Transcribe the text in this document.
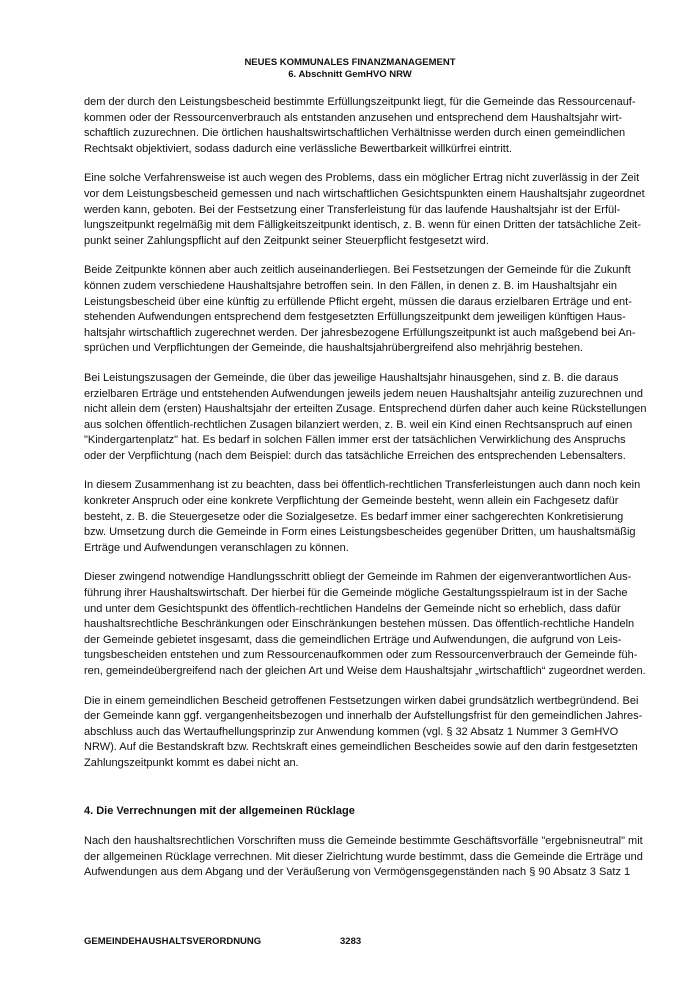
NEUES KOMMUNALES FINANZMANAGEMENT
6. Abschnitt GemHVO NRW
dem der durch den Leistungsbescheid bestimmte Erfüllungszeitpunkt liegt, für die Gemeinde das Ressourcenauf-
kommen oder der Ressourcenverbrauch als entstanden anzusehen und entsprechend dem Haushaltsjahr wirt-
schaftlich zuzurechnen. Die örtlichen haushaltswirtschaftlichen Verhältnisse werden durch einen gemeindlichen
Rechtsakt objektiviert, sodass dadurch eine verlässliche Bewertbarkeit willkürfrei eintritt.
Eine solche Verfahrensweise ist auch wegen des Problems, dass ein möglicher Ertrag nicht zuverlässig in der Zeit
vor dem Leistungsbescheid gemessen und nach wirtschaftlichen Gesichtspunkten einem Haushaltsjahr zugeordnet
werden kann, geboten. Bei der Festsetzung einer Transferleistung für das laufende Haushaltsjahr ist der Erfül-
lungszeitpunkt regelmäßig mit dem Fälligkeitszeitpunkt identisch, z. B. wenn für einen Dritten der tatsächliche Zeit-
punkt seiner Zahlungspflicht auf den Zeitpunkt seiner Steuerpflicht festgesetzt wird.
Beide Zeitpunkte können aber auch zeitlich auseinanderliegen. Bei Festsetzungen der Gemeinde für die Zukunft
können zudem verschiedene Haushaltsjahre betroffen sein. In den Fällen, in denen z. B. im Haushaltsjahr ein
Leistungsbescheid über eine künftig zu erfüllende Pflicht ergeht, müssen die daraus erzielbaren Erträge und ent-
stehenden Aufwendungen entsprechend dem festgesetzten Erfüllungszeitpunkt dem jeweiligen künftigen Haus-
haltsjahr wirtschaftlich zugerechnet werden. Der jahresbezogene Erfüllungszeitpunkt ist auch maßgebend bei An-
sprüchen und Verpflichtungen der Gemeinde, die haushaltsjahrübergreifend also mehrjährig bestehen.
Bei Leistungszusagen der Gemeinde, die über das jeweilige Haushaltsjahr hinausgehen, sind z. B. die daraus
erzielbaren Erträge und entstehenden Aufwendungen jeweils jedem neuen Haushaltsjahr anteilig zuzurechnen und
nicht allein dem (ersten) Haushaltsjahr der erteilten Zusage. Entsprechend dürfen daher auch keine Rückstellungen
aus solchen öffentlich-rechtlichen Zusagen bilanziert werden, z. B. weil ein Kind einen Rechtsanspruch auf einen
"Kindergartenplatz" hat. Es bedarf in solchen Fällen immer erst der tatsächlichen Verwirklichung des Anspruchs
oder der Verpflichtung (nach dem Beispiel: durch das tatsächliche Erreichen des entsprechenden Lebensalters.
In diesem Zusammenhang ist zu beachten, dass bei öffentlich-rechtlichen Transferleistungen auch dann noch kein
konkreter Anspruch oder eine konkrete Verpflichtung der Gemeinde besteht, wenn allein ein Fachgesetz dafür
besteht, z. B. die Steuergesetze oder die Sozialgesetze. Es bedarf immer einer sachgerechten Konkretisierung
bzw. Umsetzung durch die Gemeinde in Form eines Leistungsbescheides gegenüber Dritten, um haushaltsmäßig
Erträge und Aufwendungen veranschlagen zu können.
Dieser zwingend notwendige Handlungsschritt obliegt der Gemeinde im Rahmen der eigenverantwortlichen Aus-
führung ihrer Haushaltswirtschaft. Der hierbei für die Gemeinde mögliche Gestaltungsspielraum ist in der Sache
und unter dem Gesichtspunkt des öffentlich-rechtlichen Handelns der Gemeinde nicht so erheblich, dass dafür
haushaltsrechtliche Beschränkungen oder Einschränkungen bestehen müssen. Das öffentlich-rechtliche Handeln
der Gemeinde gebietet insgesamt, dass die gemeindlichen Erträge und Aufwendungen, die aufgrund von Leis-
tungsbescheiden entstehen und zum Ressourcenaufkommen oder zum Ressourcenverbrauch der Gemeinde füh-
ren, gemeindeübergreifend nach der gleichen Art und Weise dem Haushaltsjahr „wirtschaftlich“ zugeordnet werden.
Die in einem gemeindlichen Bescheid getroffenen Festsetzungen wirken dabei grundsätzlich wertbegründend. Bei
der Gemeinde kann ggf. vergangenheitsbezogen und innerhalb der Aufstellungsfrist für den gemeindlichen Jahres-
abschluss auch das Wertaufhellungsprinzip zur Anwendung kommen (vgl. § 32 Absatz 1 Nummer 3 GemHVO
NRW). Auf die Bestandskraft bzw. Rechtskraft eines gemeindlichen Bescheides sowie auf den darin festgesetzten
Zahlungszeitpunkt kommt es dabei nicht an.
4. Die Verrechnungen mit der allgemeinen Rücklage
Nach den haushaltsrechtlichen Vorschriften muss die Gemeinde bestimmte Geschäftsvorfälle "ergebnisneutral" mit
der allgemeinen Rücklage verrechnen. Mit dieser Zielrichtung wurde bestimmt, dass die Gemeinde die Erträge und
Aufwendungen aus dem Abgang und der Veräußerung von Vermögensgegenständen nach § 90 Absatz 3 Satz 1
GEMEINDEHAUSHALTSVERORDNUNG	3283
